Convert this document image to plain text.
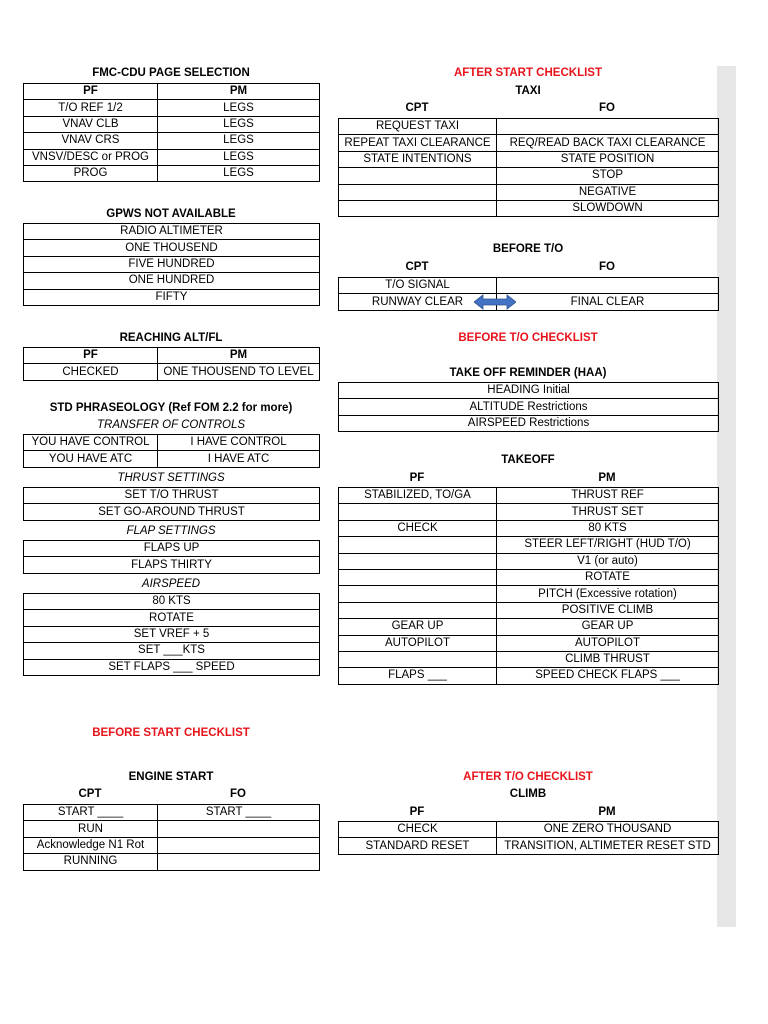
FMC-CDU PAGE SELECTION
PF	PM
T/O REF 1/2	LEGS
VNAV CLB	LEGS
VNAV CRS	LEGS
VNSV/DESC or PROG	LEGS
PROG	LEGS
GPWS NOT AVAILABLE
RADIO ALTIMETER
ONE THOUSEND
FIVE HUNDRED
ONE HUNDRED
FIFTY
REACHING ALT/FL
PF	PM
CHECKED	ONE THOUSEND TO LEVEL
STD PHRASEOLOGY (Ref FOM 2.2 for more)
TRANSFER OF CONTROLS
YOU HAVE CONTROL	I HAVE CONTROL
YOU HAVE ATC	I HAVE ATC
THRUST SETTINGS
SET T/O THRUST
SET GO-AROUND THRUST
FLAP SETTINGS
FLAPS UP
FLAPS THIRTY
AIRSPEED
80 KTS
ROTATE
SET VREF + 5
SET ___KTS
SET FLAPS ___ SPEED
BEFORE START CHECKLIST
ENGINE START
CPT	FO
START ____	START ____
RUN	
Acknowledge N1 Rot	
RUNNING	
AFTER START CHECKLIST
TAXI
CPT	FO
REQUEST TAXI	
REPEAT TAXI CLEARANCE	REQ/READ BACK TAXI CLEARANCE
STATE INTENTIONS	STATE POSITION
	STOP
	NEGATIVE
	SLOWDOWN
BEFORE T/O
CPT	FO
T/O SIGNAL	
RUNWAY CLEAR	FINAL CLEAR
BEFORE T/O CHECKLIST
TAKE OFF REMINDER (HAA)
HEADING Initial
ALTITUDE Restrictions
AIRSPEED Restrictions
TAKEOFF
PF	PM
STABILIZED, TO/GA	THRUST REF
	THRUST SET
CHECK	80 KTS
	STEER LEFT/RIGHT (HUD T/O)
	V1 (or auto)
	ROTATE
	PITCH (Excessive rotation)
	POSITIVE CLIMB
GEAR UP	GEAR UP
AUTOPILOT	AUTOPILOT
	CLIMB THRUST
FLAPS ___	SPEED CHECK FLAPS ___
AFTER T/O CHECKLIST
CLIMB
PF	PM
CHECK	ONE ZERO THOUSAND
STANDARD RESET	TRANSITION, ALTIMETER RESET STD
